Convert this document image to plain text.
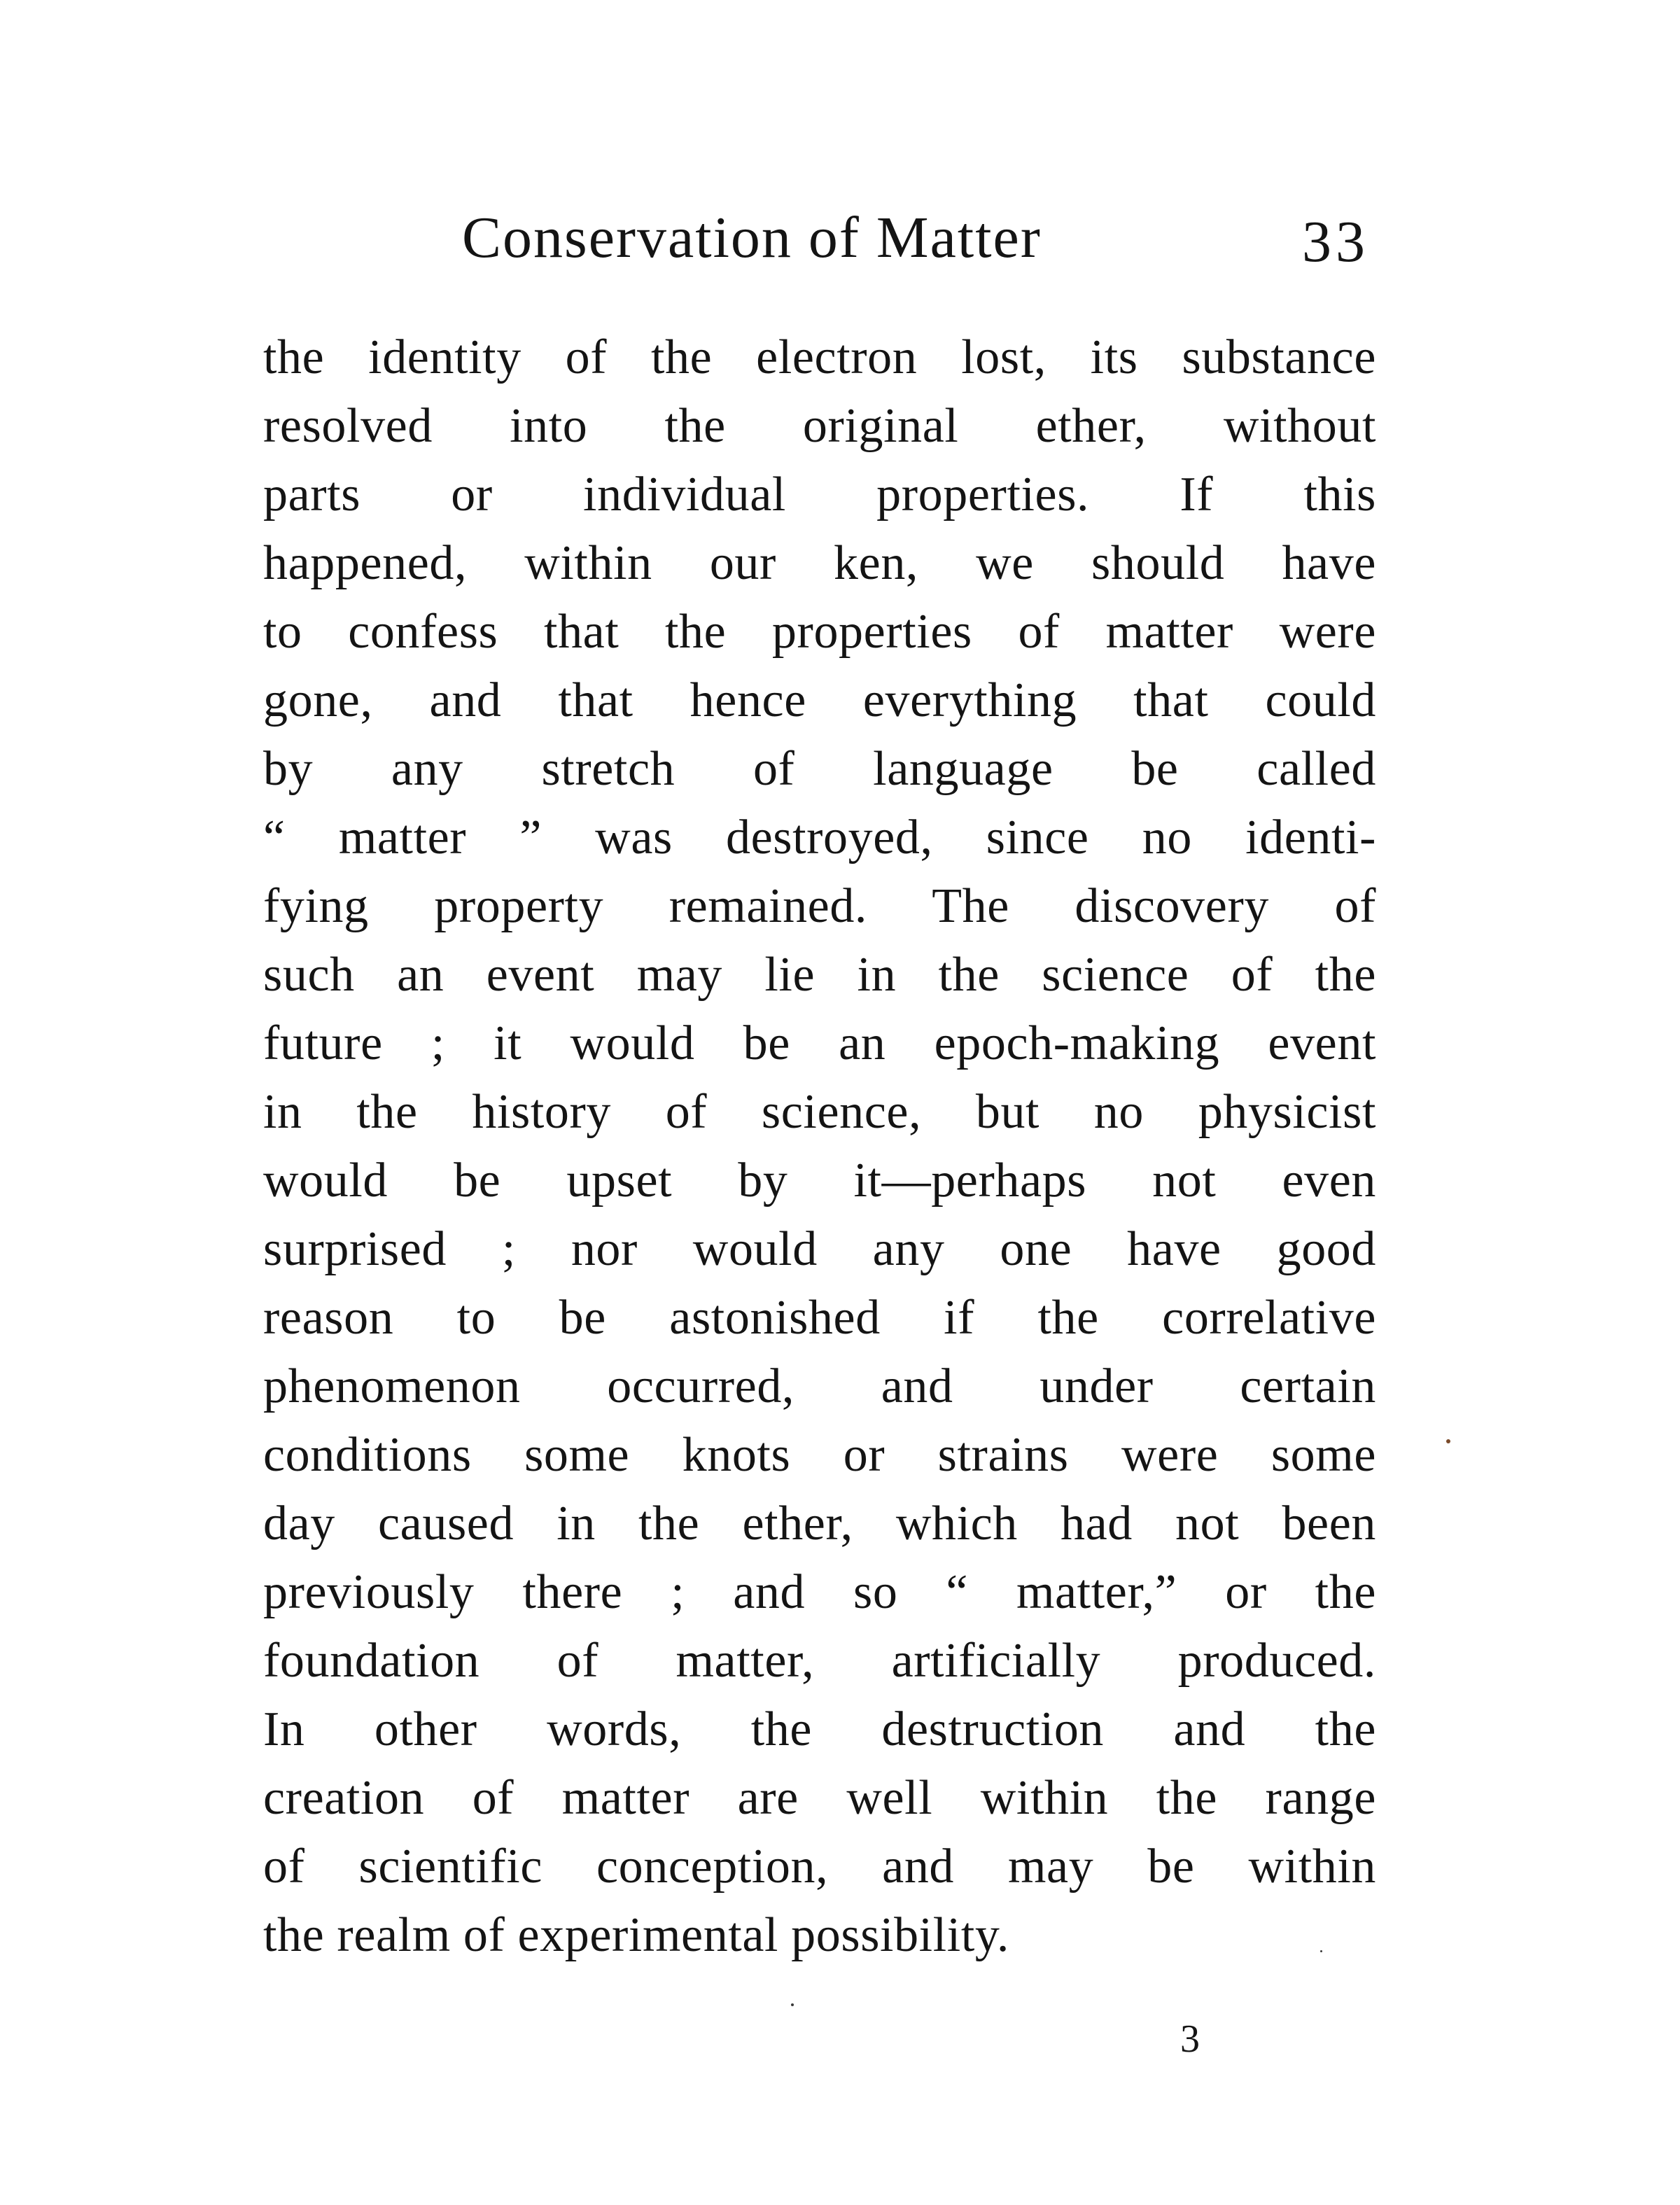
Conservation of Matter	33
the identity of the electron lost, its substance
resolved into the original ether, without
parts or individual properties. If this
happened, within our ken, we should have
to confess that the properties of matter were
gone, and that hence everything that could
by any stretch of language be called
“ matter ” was destroyed, since no identi-
fying property remained. The discovery of
such an event may lie in the science of the
future ; it would be an epoch-making event
in the history of science, but no physicist
would be upset by it—perhaps not even
surprised ; nor would any one have good
reason to be astonished if the correlative
phenomenon occurred, and under certain
conditions some knots or strains were some
day caused in the ether, which had not been
previously there ; and so “ matter,” or the
foundation of matter, artificially produced.
In other words, the destruction and the
creation of matter are well within the range
of scientific conception, and may be within
the realm of experimental possibility.
3
